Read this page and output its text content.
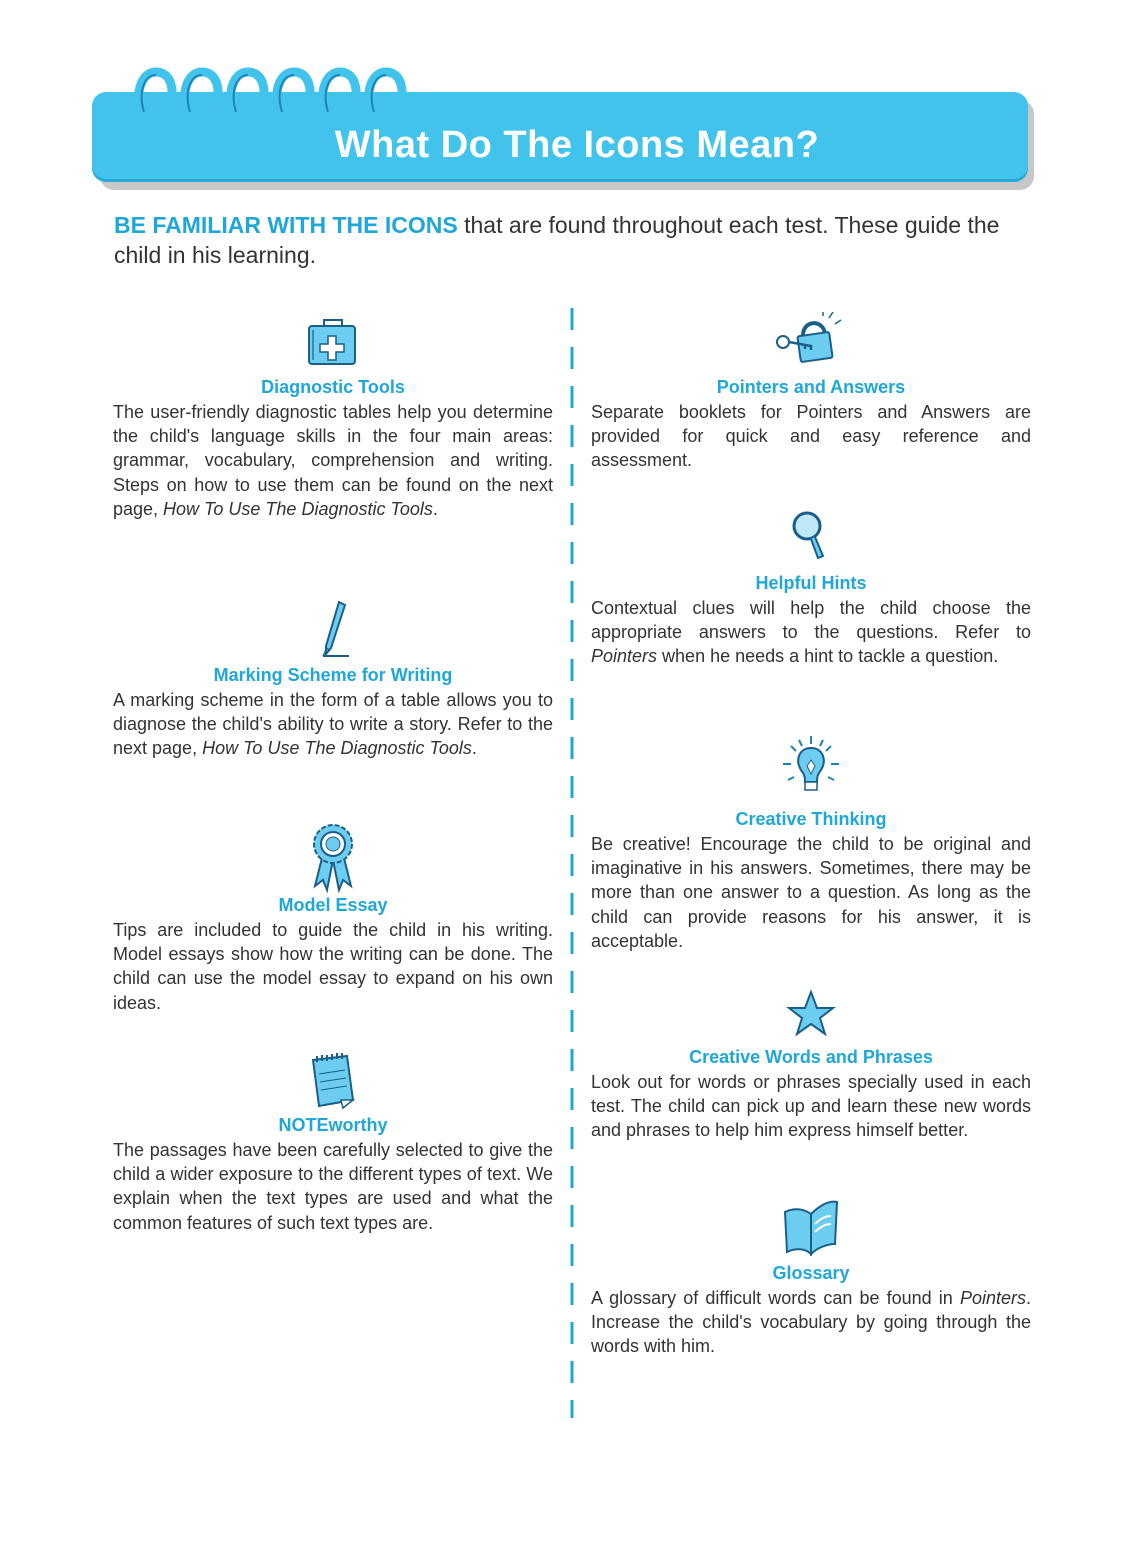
What Do The Icons Mean?
BE FAMILIAR WITH THE ICONS that are found throughout each test. These guide the child in his learning.
Diagnostic Tools

The user-friendly diagnostic tables help you determine the child's language skills in the four main areas: grammar, vocabulary, comprehension and writing. Steps on how to use them can be found on the next page, How To Use The Diagnostic Tools.

Marking Scheme for Writing

A marking scheme in the form of a table allows you to diagnose the child's ability to write a story. Refer to the next page, How To Use The Diagnostic Tools.

Model Essay

Tips are included to guide the child in his writing. Model essays show how the writing can be done. The child can use the model essay to expand on his own ideas.

NOTEworthy

The passages have been carefully selected to give the child a wider exposure to the different types of text. We explain when the text types are used and what the common features of such text types are.

Pointers and Answers

Separate booklets for Pointers and Answers are provided for quick and easy reference and assessment.

Helpful Hints

Contextual clues will help the child choose the appropriate answers to the questions. Refer to Pointers when he needs a hint to tackle a question.

Creative Thinking

Be creative! Encourage the child to be original and imaginative in his answers. Sometimes, there may be more than one answer to a question. As long as the child can provide reasons for his answer, it is acceptable.

Creative Words and Phrases

Look out for words or phrases specially used in each test. The child can pick up and learn these new words and phrases to help him express himself better.

Glossary

A glossary of difficult words can be found in Pointers. Increase the child's vocabulary by going through the words with him.
